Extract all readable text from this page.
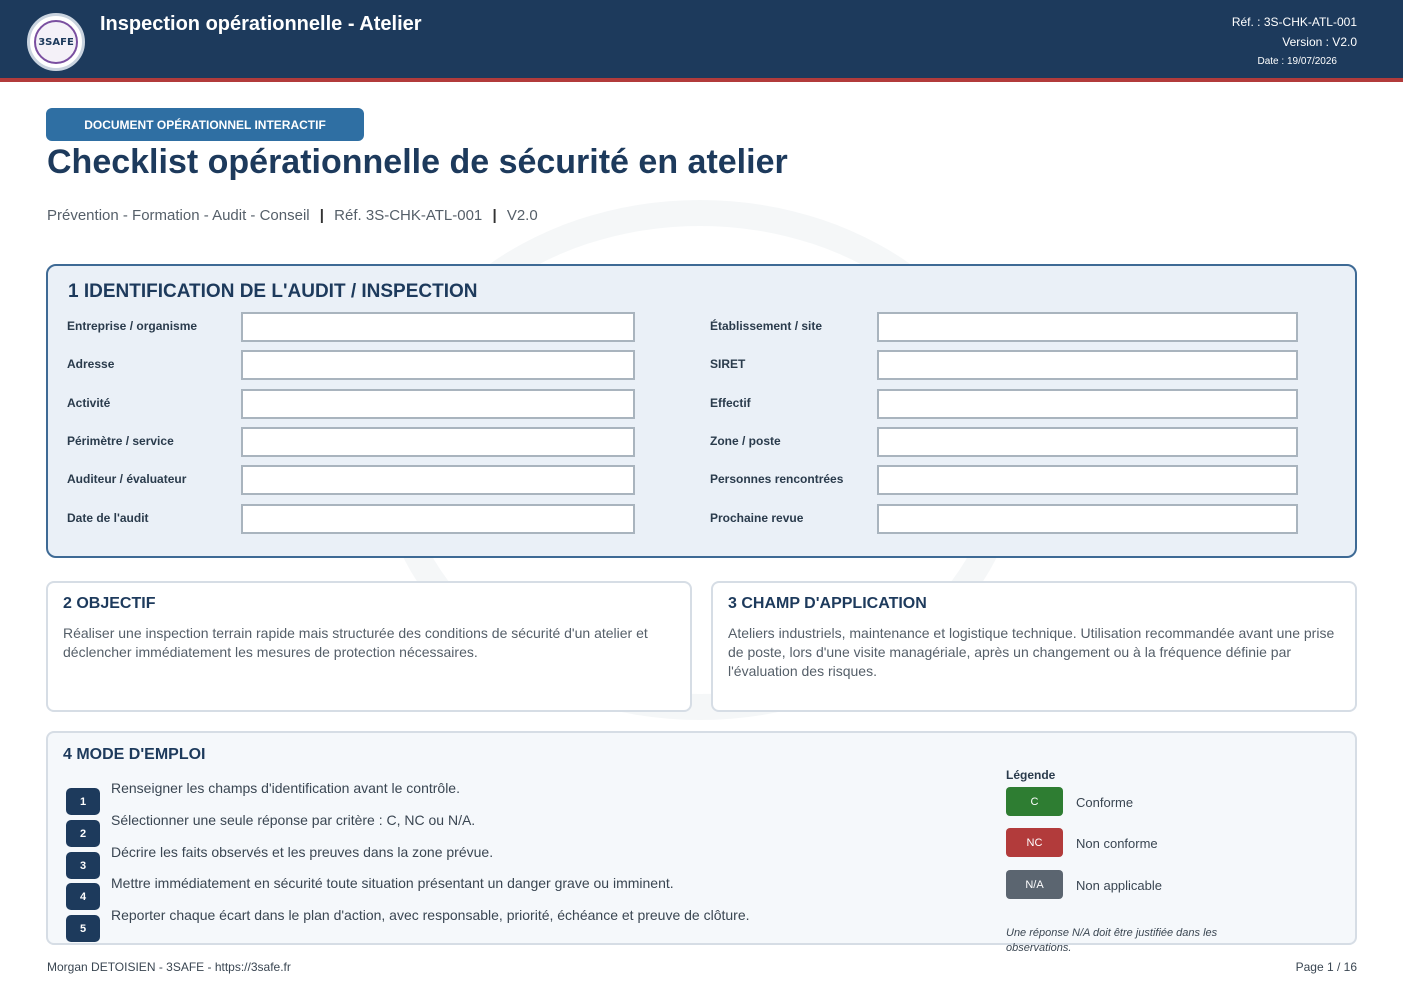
3SAFE
Inspection opérationnelle - Atelier	Réf. : 3S-CHK-ATL-001
Version : V2.0
Date : 19/07/2026
DOCUMENT OPÉRATIONNEL INTERACTIF
Checklist opérationnelle de sécurité en atelier
Prévention - Formation - Audit - Conseil | Réf. 3S-CHK-ATL-001 | V2.0
1 IDENTIFICATION DE L'AUDIT / INSPECTION
Entreprise / organisme
Adresse
Activité
Périmètre / service
Auditeur / évaluateur
Date de l'audit
Établissement / site
SIRET
Effectif
Zone / poste
Personnes rencontrées
Prochaine revue
2 OBJECTIF
Réaliser une inspection terrain rapide mais structurée des conditions de sécurité d'un atelier et déclencher immédiatement les mesures de protection nécessaires.
3 CHAMP D'APPLICATION
Ateliers industriels, maintenance et logistique technique. Utilisation recommandée avant une prise de poste, lors d'une visite managériale, après un changement ou à la fréquence définie par l'évaluation des risques.
4 MODE D'EMPLOI
1
Renseigner les champs d'identification avant le contrôle.
2
Sélectionner une seule réponse par critère : C, NC ou N/A.
3
Décrire les faits observés et les preuves dans la zone prévue.
4
Mettre immédiatement en sécurité toute situation présentant un danger grave ou imminent.
5
Reporter chaque écart dans le plan d'action, avec responsable, priorité, échéance et preuve de clôture.
Légende
C	Conforme
NC	Non conforme
N/A	Non applicable
Une réponse N/A doit être justifiée dans les observations.
Morgan DETOISIEN - 3SAFE - https://3safe.fr	Page 1 / 16
